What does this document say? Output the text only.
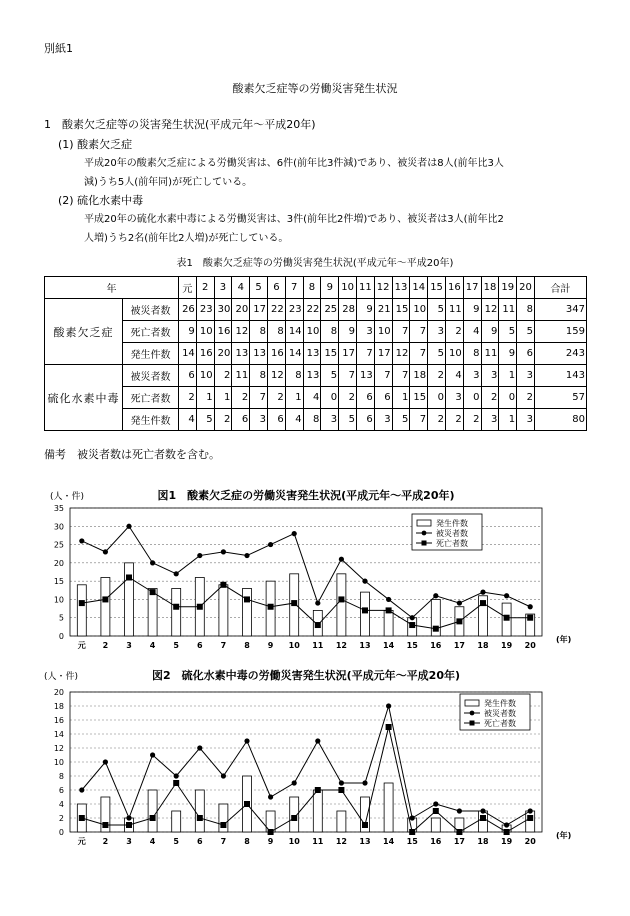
別紙1
酸素欠乏症等の労働災害発生状況
1　酸素欠乏症等の災害発生状況(平成元年〜平成20年)
(1) 酸素欠乏症
平成20年の酸素欠乏症による労働災害は、6件(前年比3件減)であり、被災者は8人(前年比3人
減)うち5人(前年同)が死亡している。
(2) 硫化水素中毒
平成20年の硫化水素中毒による労働災害は、3件(前年比2件増)であり、被災者は3人(前年比2
人増)うち2名(前年比2人増)が死亡している。
表1　酸素欠乏症等の労働災害発生状況(平成元年〜平成20年)
年		元	2	3	4	5	6	7	8	9	10	11	12	13	14	15	16	17	18	19	20	合計
酸素欠乏症	被災者数	26	23	30	20	17	22	23	22	25	28	9	21	15	10	5	11	9	12	11	8	347
	死亡者数	9	10	16	12	8	8	14	10	8	9	3	10	7	7	3	2	4	9	5	5	159
	発生件数	14	16	20	13	13	16	14	13	15	17	7	17	12	7	5	10	8	11	9	6	243
硫化水素中毒	被災者数	6	10	2	11	8	12	8	13	5	7	13	7	7	18	2	4	3	3	1	3	143
	死亡者数	2	1	1	2	7	2	1	4	0	2	6	6	1	15	0	3	0	2	0	2	57
	発生件数	4	5	2	6	3	6	4	8	3	5	6	3	5	7	2	2	2	3	1	3	80
備考　被災者数は死亡者数を含む。
図1　酸素欠乏症の労働災害発生状況(平成元年〜平成20年)
(人・件)
0
5
10
15
20
25
30
35
元 2 3 4 5 6 7 8 9 10 11 12 13 14 15 16 17 18 19 20
(年)
発生件数
被災者数
死亡者数
図2　硫化水素中毒の労働災害発生状況(平成元年〜平成20年)
(人・件)
0
2
4
6
8
10
12
14
16
18
20
元 2 3 4 5 6 7 8 9 10 11 12 13 14 15 16 17 18 19 20
(年)
発生件数
被災者数
死亡者数
